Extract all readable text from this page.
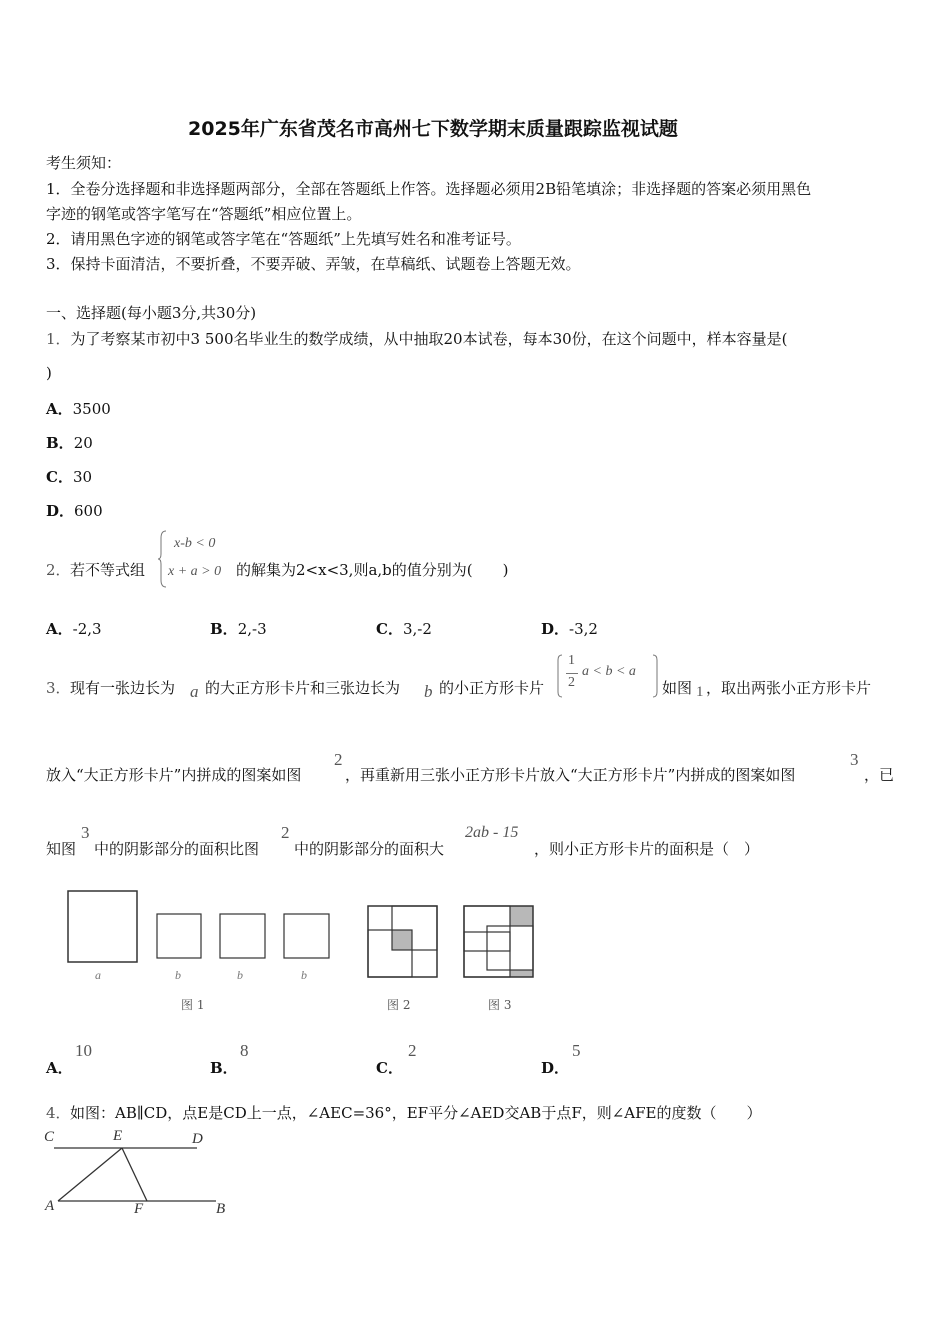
2025年广东省茂名市高州七下数学期末质量跟踪监视试题
考生须知：
1．全卷分选择题和非选择题两部分，全部在答题纸上作答。选择题必须用2B铅笔填涂；非选择题的答案必须用黑色
字迹的钢笔或答字笔写在“答题纸”相应位置上。
2．请用黑色字迹的钢笔或答字笔在“答题纸”上先填写姓名和准考证号。
3．保持卡面清洁，不要折叠，不要弄破、弄皱，在草稿纸、试题卷上答题无效。
一、选择题(每小题3分,共30分)
1．为了考察某市初中3 500名毕业生的数学成绩，从中抽取20本试卷，每本30份，在这个问题中，样本容量是(
)
A．3500
B．20
C．30
D．600
2． 若不等式组
x-b < 0
x + a > 0 的解集为2<x<3,则a,b的值分别为(　　)
A．-2,3	B．2,-3	C．3,-2	D．-3,2
3． 现有一张边长为 a 的大正方形卡片和三张边长为 b 的小正方形卡片
1
2
a < b < a
如图 1 ，取出两张小正方形卡片
放入“大正方形卡片”内拼成的图案如图
2
，再重新用三张小正方形卡片放入“大正方形卡片”内拼成的图案如图
3
，已
知图
3
中的阴影部分的面积比图
2
中的阴影部分的面积大
2ab - 15
，则小正方形卡片的面积是（　）
a	b	b	b
图 1	图 2	图 3
A．
10
B．
8
C．
2
D．
5
4． 如图：AB∥CD，点E是CD上一点，∠AEC=36°，EF平分∠AED交AB于点F，则∠AFE的度数（　　）
C	E	D
A	F	B
